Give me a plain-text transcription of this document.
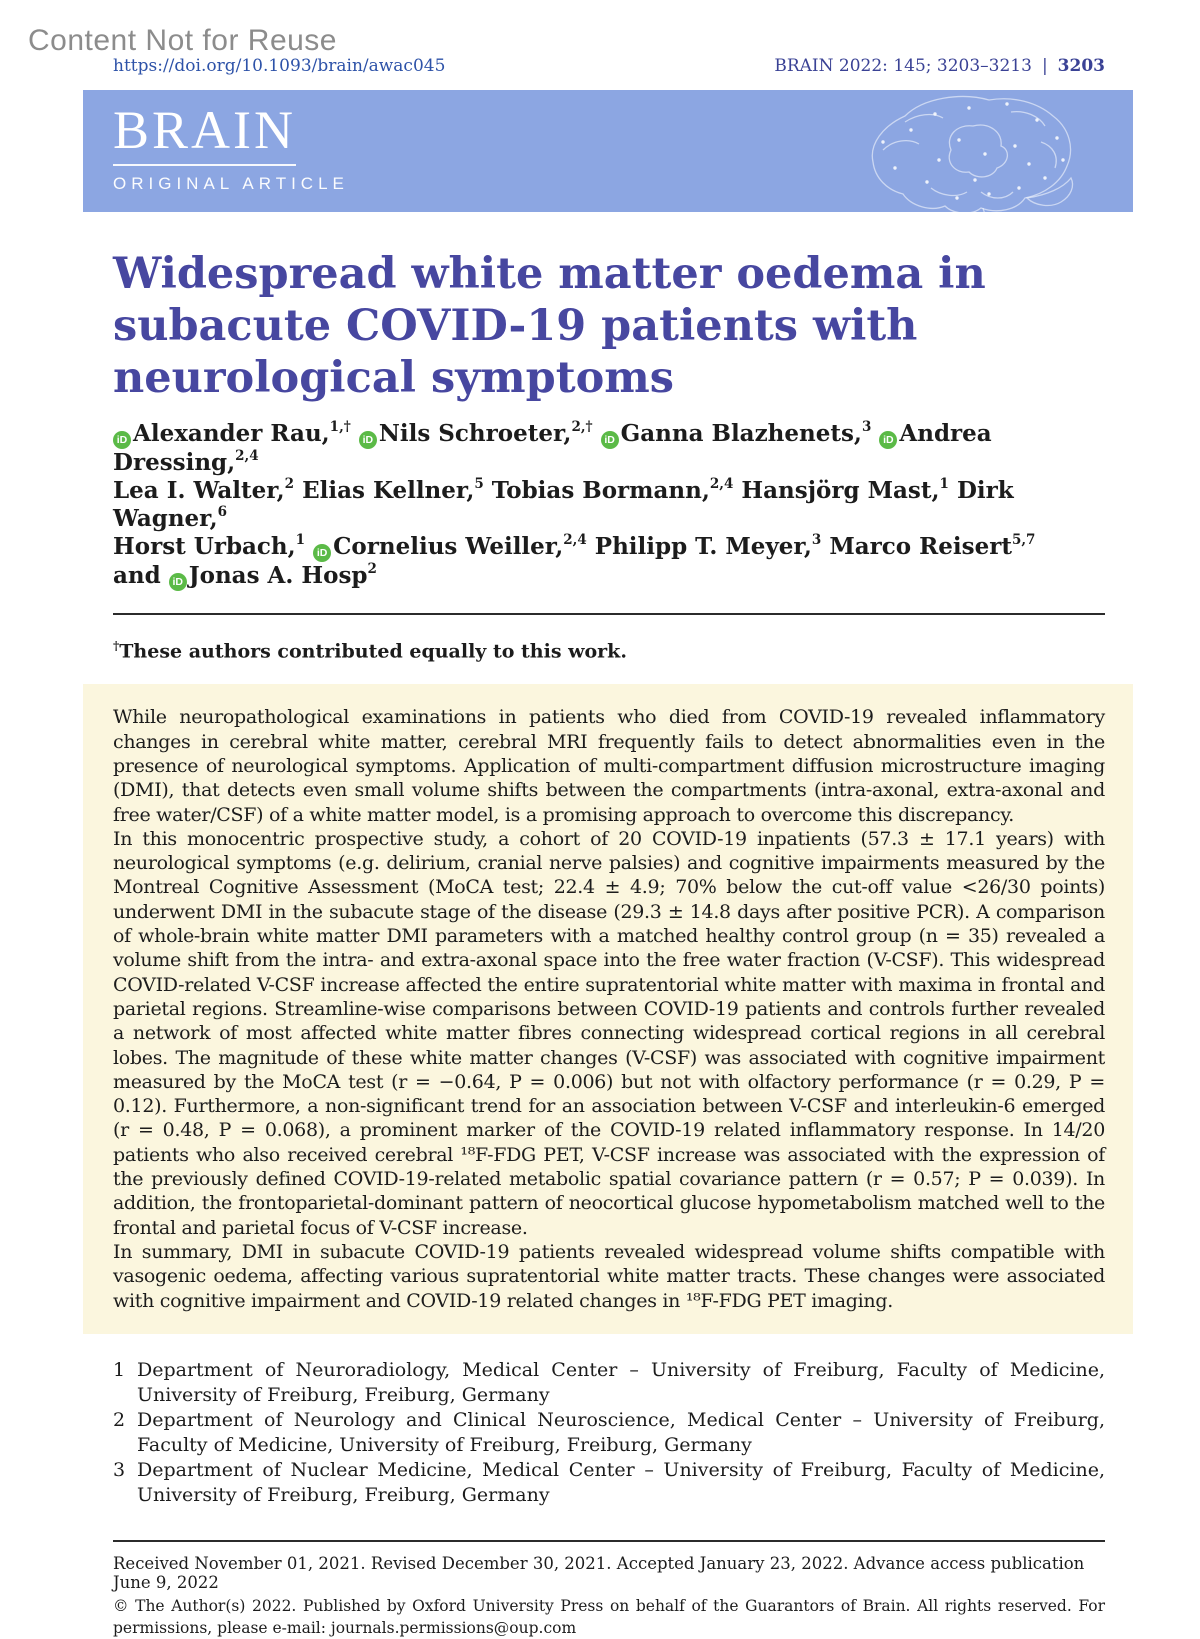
Content Not for Reuse
https://doi.org/10.1093/brain/awac045	BRAIN 2022: 145; 3203–3213 | 3203
BRAIN
ORIGINAL ARTICLE
Widespread white matter oedema in subacute COVID-19 patients with neurological symptoms
iD Alexander Rau,$^{1,\dagger}$ iD Nils Schroeter,$^{2,\dagger}$ iD Ganna Blazhenets,$^3$ iD Andrea Dressing,$^{2,4}$
Lea I. Walter,$^2$ Elias Kellner,$^5$ Tobias Bormann,$^{2,4}$ Hansjörg Mast,$^1$ Dirk Wagner,$^6$
Horst Urbach,$^1$ iD Cornelius Weiller,$^{2,4}$ Philipp T. Meyer,$^3$ Marco Reisert$^{5,7}$
and iD Jonas A. Hosp$^2$

†These authors contributed equally to this work.

While neuropathological examinations in patients who died from COVID-19 revealed inflammatory changes in cerebral white matter, cerebral MRI frequently fails to detect abnormalities even in the presence of neurological symptoms. Application of multi-compartment diffusion microstructure imaging (DMI), that detects even small volume shifts between the compartments (intra-axonal, extra-axonal and free water/CSF) of a white matter model, is a promising approach to overcome this discrepancy.

In this monocentric prospective study, a cohort of 20 COVID-19 inpatients (57.3 ± 17.1 years) with neurological symptoms (e.g. delirium, cranial nerve palsies) and cognitive impairments measured by the Montreal Cognitive Assessment (MoCA test; 22.4 ± 4.9; 70% below the cut-off value <26/30 points) underwent DMI in the subacute stage of the disease (29.3 ± 14.8 days after positive PCR). A comparison of whole-brain white matter DMI parameters with a matched healthy control group (n = 35) revealed a volume shift from the intra- and extra-axonal space into the free water fraction (V-CSF). This widespread COVID-related V-CSF increase affected the entire supratentorial white matter with maxima in frontal and parietal regions. Streamline-wise comparisons between COVID-19 patients and controls further revealed a network of most affected white matter fibres connecting widespread cortical regions in all cerebral lobes. The magnitude of these white matter changes (V-CSF) was associated with cognitive impairment measured by the MoCA test (r = −0.64, P = 0.006) but not with olfactory performance (r = 0.29, P = 0.12). Furthermore, a non-significant trend for an association between V-CSF and interleukin-6 emerged (r = 0.48, P = 0.068), a prominent marker of the COVID-19 related inflammatory response. In 14/20 patients who also received cerebral ¹⁸F-FDG PET, V-CSF increase was associated with the expression of the previously defined COVID-19-related metabolic spatial covariance pattern (r = 0.57; P = 0.039). In addition, the frontoparietal-dominant pattern of neocortical glucose hypometabolism matched well to the frontal and parietal focus of V-CSF increase.

In summary, DMI in subacute COVID-19 patients revealed widespread volume shifts compatible with vasogenic oedema, affecting various supratentorial white matter tracts. These changes were associated with cognitive impairment and COVID-19 related changes in ¹⁸F-FDG PET imaging.

1 Department of Neuroradiology, Medical Center – University of Freiburg, Faculty of Medicine, University of Freiburg, Freiburg, Germany
2 Department of Neurology and Clinical Neuroscience, Medical Center – University of Freiburg, Faculty of Medicine, University of Freiburg, Freiburg, Germany
3 Department of Nuclear Medicine, Medical Center – University of Freiburg, Faculty of Medicine, University of Freiburg, Freiburg, Germany

Received November 01, 2021. Revised December 30, 2021. Accepted January 23, 2022. Advance access publication June 9, 2022

© The Author(s) 2022. Published by Oxford University Press on behalf of the Guarantors of Brain. All rights reserved. For permissions, please e-mail: journals.permissions@oup.com
